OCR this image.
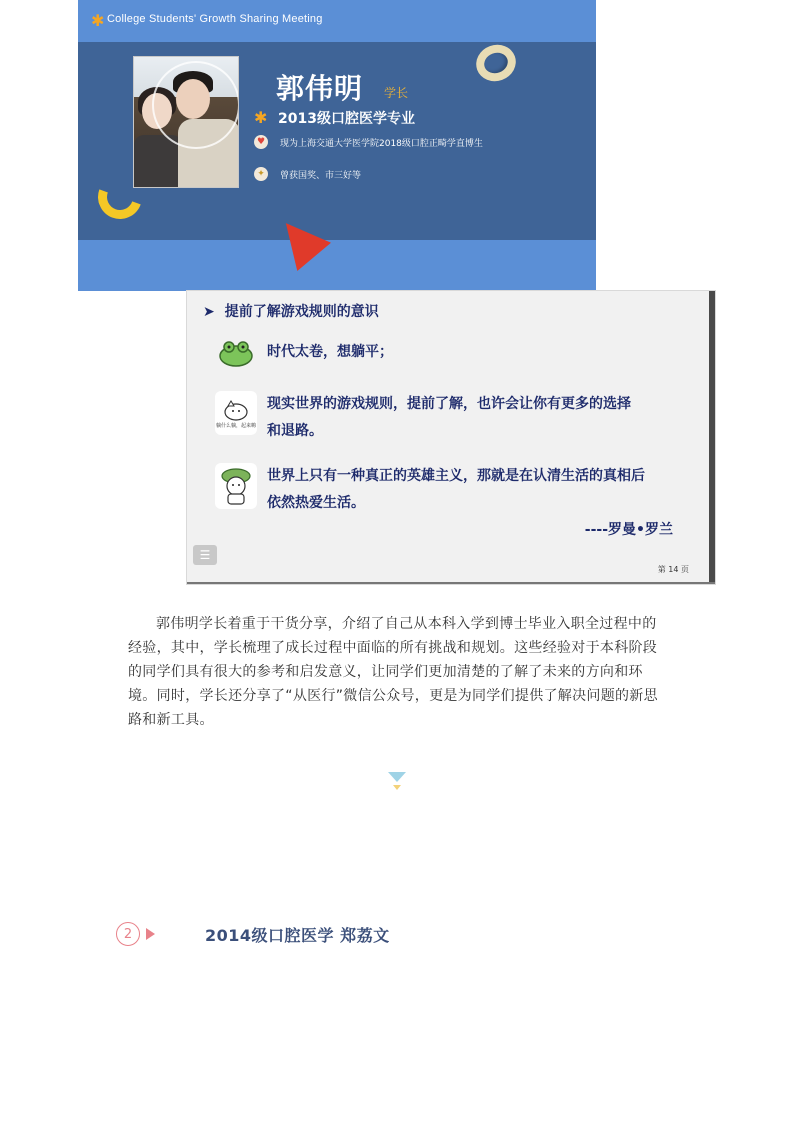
✱ College Students' Growth Sharing Meeting
郭伟明 学长
✱ 2013级口腔医学专业
♥	现为上海交通大学医学院2018级口腔正畸学直博生
✦	曾获国奖、市三好等
➤ 提前了解游戏规则的意识
时代太卷，想躺平；
躺什么躺，起来嗨
现实世界的游戏规则，提前了解，也许会让你有更多的选择
和退路。
世界上只有一种真正的英雄主义，那就是在认清生活的真相后
依然热爱生活。
----罗曼•罗兰
☰
第 14 页
郭伟明学长着重于干货分享，介绍了自己从本科入学到博士毕业入职全过程中的经验，其中，学长梳理了成长过程中面临的所有挑战和规划。这些经验对于本科阶段的同学们具有很大的参考和启发意义，让同学们更加清楚的了解了未来的方向和环境。同时，学长还分享了“从医行”微信公众号，更是为同学们提供了解决问题的新思路和新工具。
2	2014级口腔医学 郑荔文
